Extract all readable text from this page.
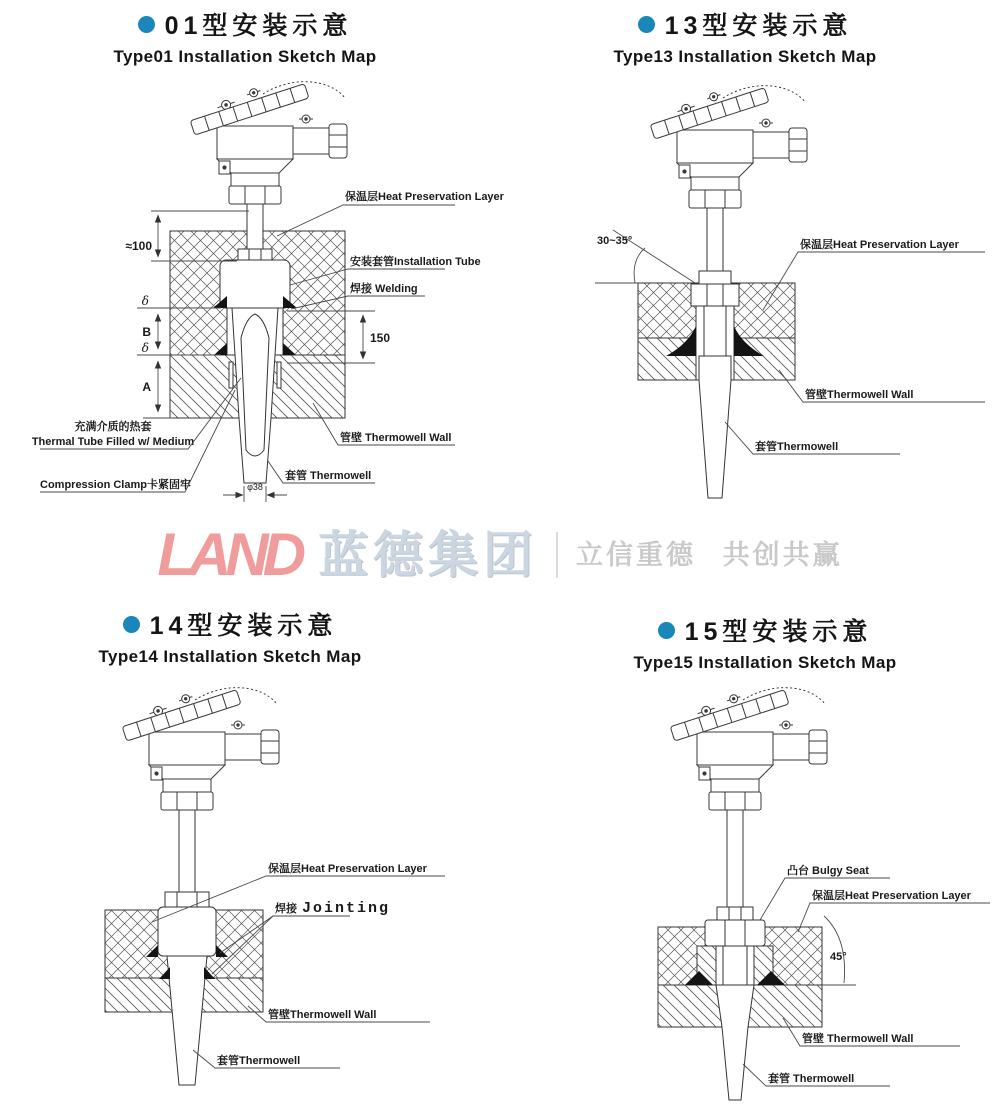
01型安装示意
Type01 Installation Sketch Map
13型安装示意
Type13 Installation Sketch Map
14型安装示意
Type14 Installation Sketch Map
15型安装示意
Type15 Installation Sketch Map
LAND 蓝德集团 立信重德 共创共赢
≈100
δ
B
δ
A
150
φ38
保温层Heat Preservation Layer
安装套管Installation Tube
焊接 Welding
管壁 Thermowell Wall
套管 Thermowell
充满介质的热套
Thermal Tube Filled w/ Medium
Compression Clamp卡紧固牢
30~35°	保温层Heat Preservation Layer
管壁Thermowell Wall
套管Thermowell
保温层Heat Preservation Layer
焊接 Jointing
管壁Thermowell Wall
套管Thermowell
45°
凸台 Bulgy Seat
保温层Heat Preservation Layer
管壁 Thermowell Wall
套管 Thermowell
